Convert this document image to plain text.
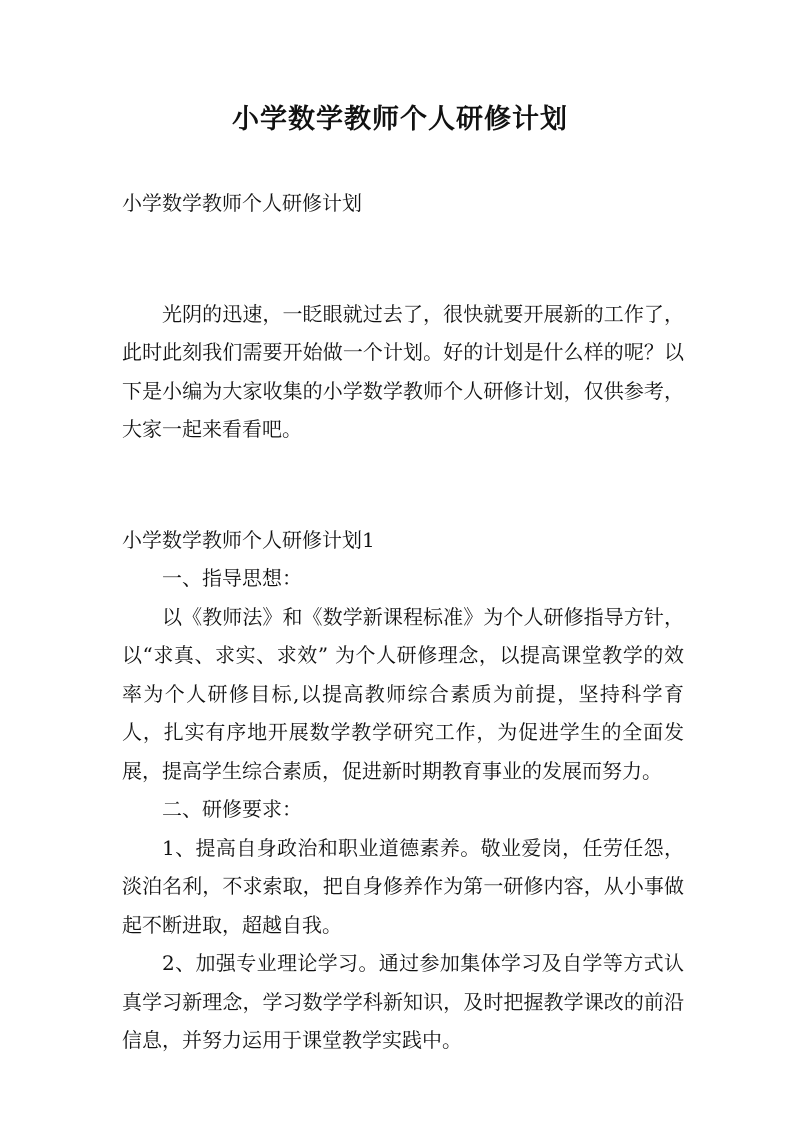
小学数学教师个人研修计划

小学数学教师个人研修计划

光阴的迅速，一眨眼就过去了，很快就要开展新的工作了，此时此刻我们需要开始做一个计划。好的计划是什么样的呢？以下是小编为大家收集的小学数学教师个人研修计划，仅供参考，大家一起来看看吧。

小学数学教师个人研修计划1

一、指导思想：

以《教师法》和《数学新课程标准》为个人研修指导方针，以“求真、求实、求效” 为个人研修理念，以提高课堂教学的效率为个人研修目标,以提高教师综合素质为前提，坚持科学育人，扎实有序地开展数学教学研究工作，为促进学生的全面发展，提高学生综合素质，促进新时期教育事业的发展而努力。

二、研修要求：

1、提高自身政治和职业道德素养。敬业爱岗，任劳任怨，淡泊名利，不求索取，把自身修养作为第一研修内容，从小事做起不断进取，超越自我。

2、加强专业理论学习。通过参加集体学习及自学等方式认真学习新理念，学习数学学科新知识，及时把握教学课改的前沿信息，并努力运用于课堂教学实践中。
